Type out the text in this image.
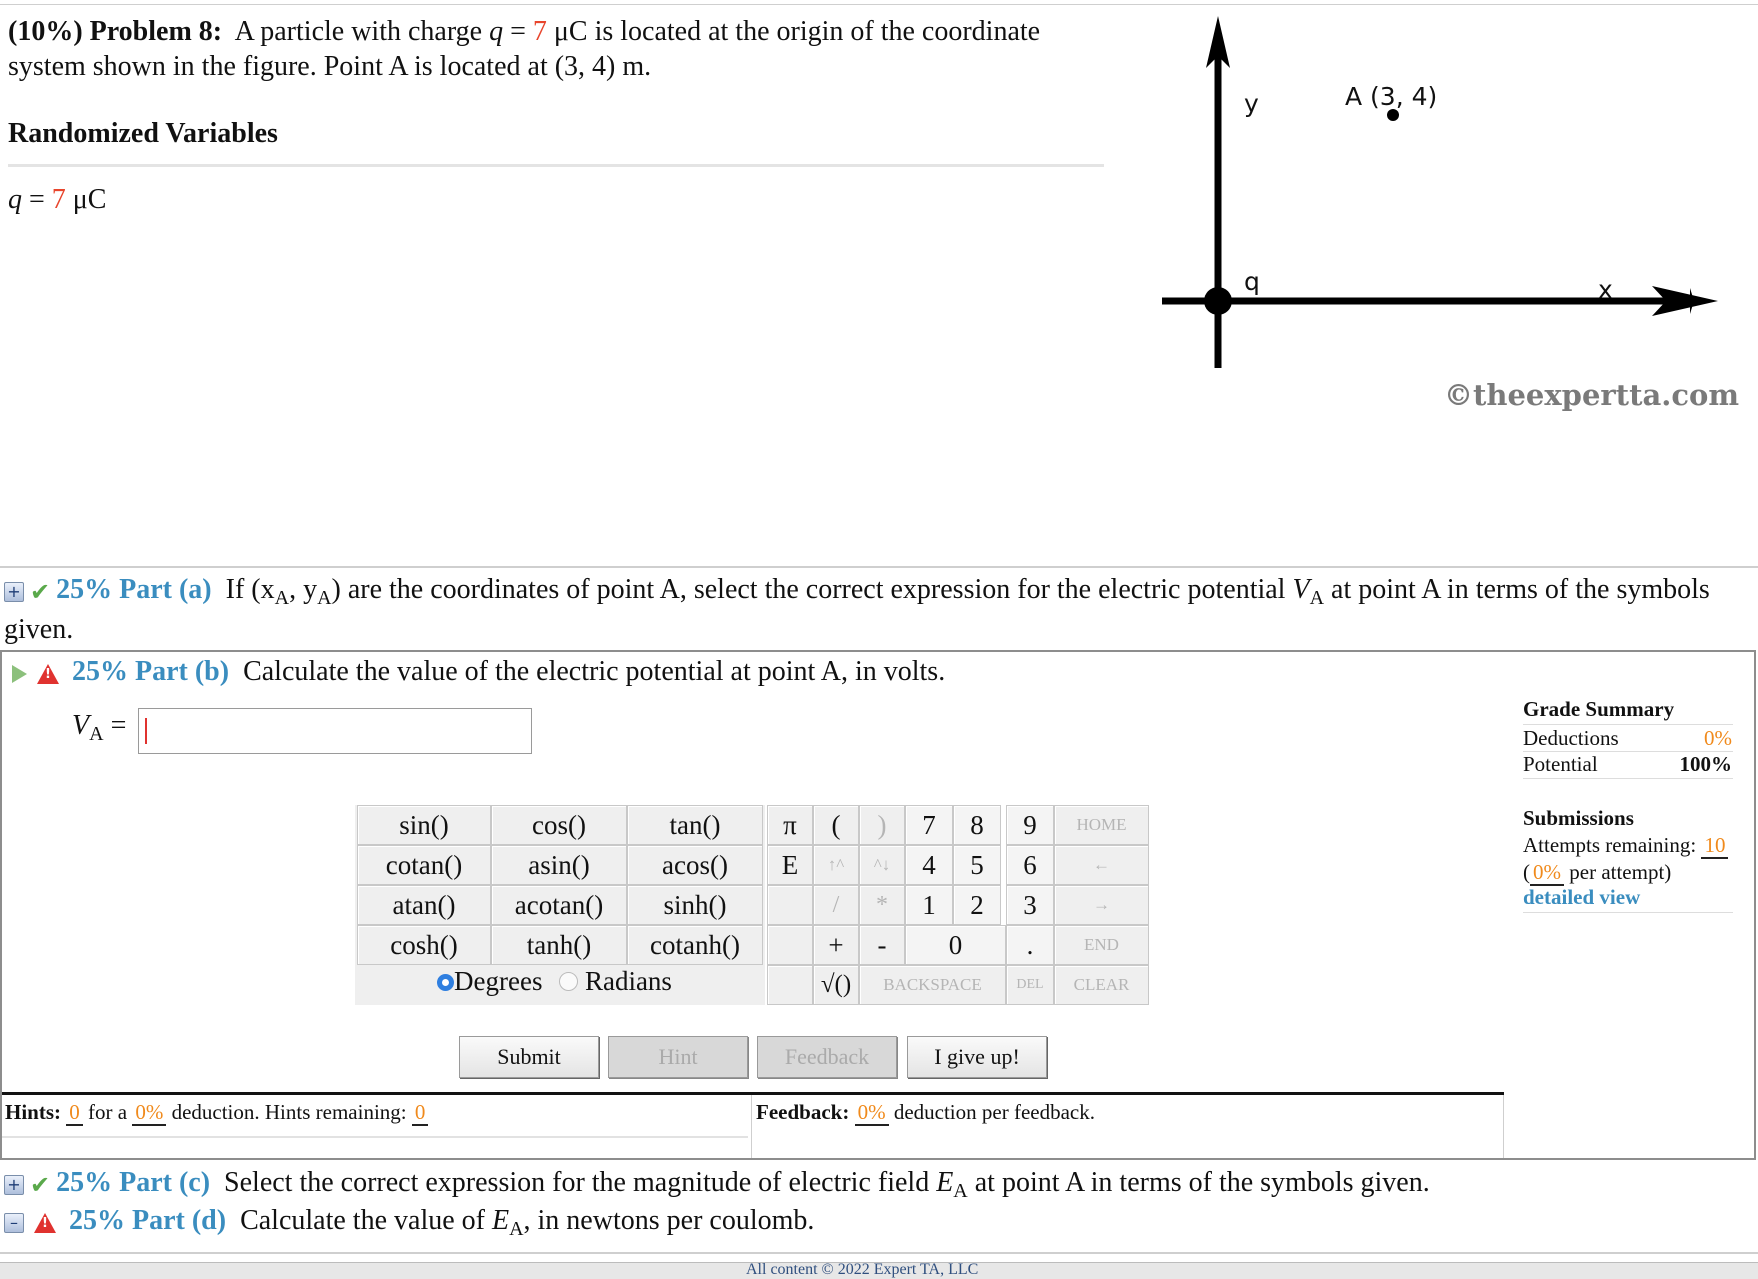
(10%) Problem 8: A particle with charge q = 7 μC is located at the origin of the coordinate
system shown in the figure. Point A is located at (3, 4) m.
Randomized Variables
q = 7 μC
y	A (3, 4)
q	x
©theexpertta.com
+ ✔ 25% Part (a) If ($x_A$, $y_A$) are the coordinates of point A, select the correct expression for the electric potential $V_A$ at point A in terms of the symbols
given.
! 25% Part (b) Calculate the value of the electric potential at point A, in volts.
$V_A$ =
sin()	cos()	tan()
cotan()	asin()	acos()
atan()	acotan()	sinh()
cosh()	tanh()	cotanh()
Degrees Radians
π	(	)
E	↑^	^↓
/	*
+	-
√()
7	8	9
4	5	6
1	2	3
0	.
HOME
←
→
END
BACKSPACE	DEL	CLEAR
Submit	Hint	Feedback	I give up!
Hints: 0 for a 0% deduction. Hints remaining: 0	Feedback: 0% deduction per feedback.
Grade Summary
Deductions	0%
Potential	100%
Submissions
Attempts remaining: 10
( 0% per attempt)
detailed view
+ ✔ 25% Part (c) Select the correct expression for the magnitude of electric field $E_A$ at point A in terms of the symbols given.
–! 25% Part (d) Calculate the value of $E_A$, in newtons per coulomb.
All content © 2022 Expert TA, LLC
